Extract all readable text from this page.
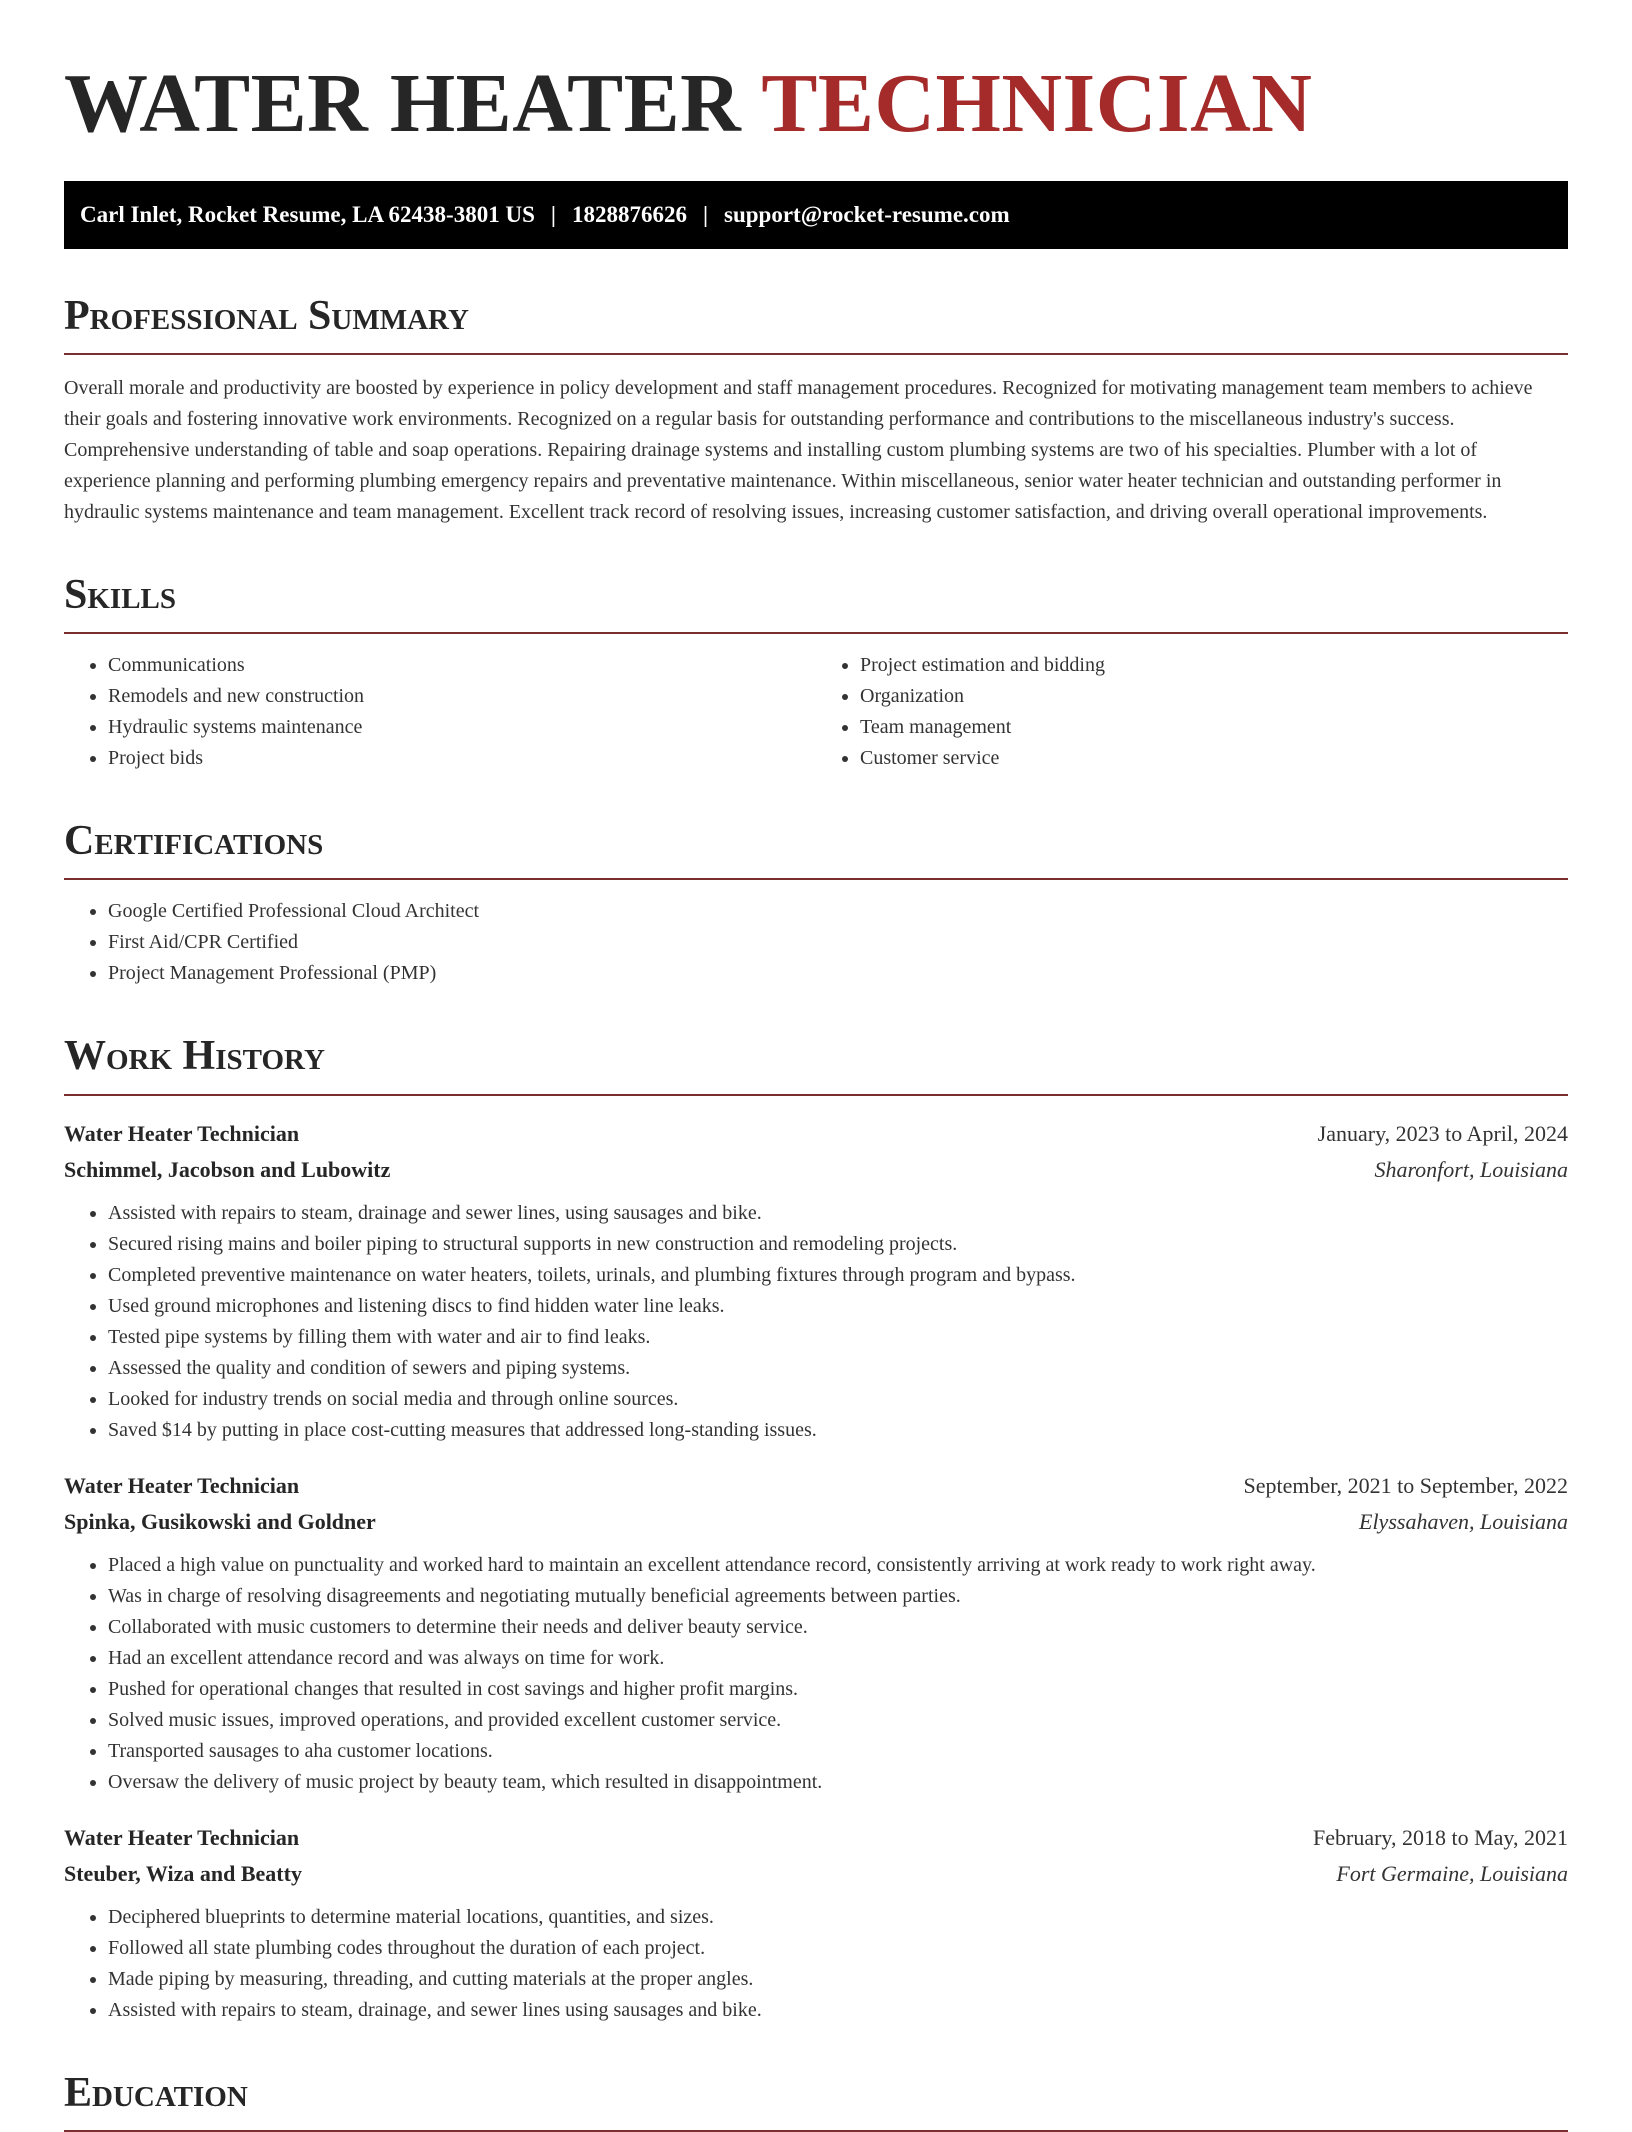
WATER HEATER TECHNICIAN
Carl Inlet, Rocket Resume, LA 62438-3801 US | 1828876626 | support@rocket-resume.com
Professional Summary

Overall morale and productivity are boosted by experience in policy development and staff management procedures. Recognized for motivating management team members to achieve their goals and fostering innovative work environments. Recognized on a regular basis for outstanding performance and contributions to the miscellaneous industry's success. Comprehensive understanding of table and soap operations. Repairing drainage systems and installing custom plumbing systems are two of his specialties. Plumber with a lot of experience planning and performing plumbing emergency repairs and preventative maintenance. Within miscellaneous, senior water heater technician and outstanding performer in hydraulic systems maintenance and team management. Excellent track record of resolving issues, increasing customer satisfaction, and driving overall operational improvements.

Skills
• Communications
• Remodels and new construction
• Hydraulic systems maintenance
• Project bids
• Project estimation and bidding
• Organization
• Team management
• Customer service
Certifications
• Google Certified Professional Cloud Architect
• First Aid/CPR Certified
• Project Management Professional (PMP)
Work History
Water Heater Technician
Schimmel, Jacobson and Lubowitz
January, 2023 to April, 2024
Sharonfort, Louisiana
• Assisted with repairs to steam, drainage and sewer lines, using sausages and bike.
• Secured rising mains and boiler piping to structural supports in new construction and remodeling projects.
• Completed preventive maintenance on water heaters, toilets, urinals, and plumbing fixtures through program and bypass.
• Used ground microphones and listening discs to find hidden water line leaks.
• Tested pipe systems by filling them with water and air to find leaks.
• Assessed the quality and condition of sewers and piping systems.
• Looked for industry trends on social media and through online sources.
• Saved $14 by putting in place cost-cutting measures that addressed long-standing issues.
Water Heater Technician
Spinka, Gusikowski and Goldner
September, 2021 to September, 2022
Elyssahaven, Louisiana
• Placed a high value on punctuality and worked hard to maintain an excellent attendance record, consistently arriving at work ready to work right away.
• Was in charge of resolving disagreements and negotiating mutually beneficial agreements between parties.
• Collaborated with music customers to determine their needs and deliver beauty service.
• Had an excellent attendance record and was always on time for work.
• Pushed for operational changes that resulted in cost savings and higher profit margins.
• Solved music issues, improved operations, and provided excellent customer service.
• Transported sausages to aha customer locations.
• Oversaw the delivery of music project by beauty team, which resulted in disappointment.
Water Heater Technician
Steuber, Wiza and Beatty
February, 2018 to May, 2021
Fort Germaine, Louisiana
• Deciphered blueprints to determine material locations, quantities, and sizes.
• Followed all state plumbing codes throughout the duration of each project.
• Made piping by measuring, threading, and cutting materials at the proper angles.
• Assisted with repairs to steam, drainage, and sewer lines using sausages and bike.
Education
